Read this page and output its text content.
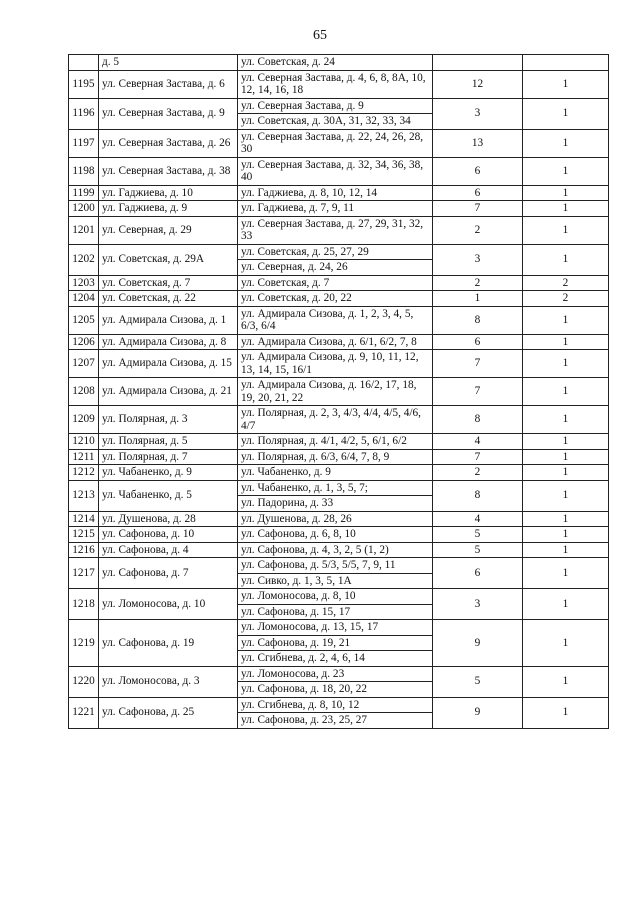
65
	д. 5	ул. Советская, д. 24		
1195	ул. Северная Застава, д. 6	ул. Северная Застава, д. 4, 6, 8, 8А, 10, 12, 14, 16, 18	12	1
1196	ул. Северная Застава, д. 9	ул. Северная Застава, д. 9	3	1
		ул. Советская, д. 30А, 31, 32, 33, 34		
1197	ул. Северная Застава, д. 26	ул. Северная Застава, д. 22, 24, 26, 28, 30	13	1
1198	ул. Северная Застава, д. 38	ул. Северная Застава, д. 32, 34, 36, 38, 40	6	1
1199	ул. Гаджиева, д. 10	ул. Гаджиева, д. 8, 10, 12, 14	6	1
1200	ул. Гаджиева, д. 9	ул. Гаджиева, д. 7, 9, 11	7	1
1201	ул. Северная, д. 29	ул. Северная Застава, д. 27, 29, 31, 32, 33	2	1
1202	ул. Советская, д. 29А	ул. Советская, д. 25, 27, 29	3	1
		ул. Северная, д. 24, 26		
1203	ул. Советская, д. 7	ул. Советская, д. 7	2	2
1204	ул. Советская, д. 22	ул. Советская, д. 20, 22	1	2
1205	ул. Адмирала Сизова, д. 1	ул. Адмирала Сизова, д. 1, 2, 3, 4, 5, 6/3, 6/4	8	1
1206	ул. Адмирала Сизова, д. 8	ул. Адмирала Сизова, д. 6/1, 6/2, 7, 8	6	1
1207	ул. Адмирала Сизова, д. 15	ул. Адмирала Сизова, д. 9, 10, 11, 12, 13, 14, 15, 16/1	7	1
1208	ул. Адмирала Сизова, д. 21	ул. Адмирала Сизова, д. 16/2, 17, 18, 19, 20, 21, 22	7	1
1209	ул. Полярная, д. 3	ул. Полярная, д. 2, 3, 4/3, 4/4, 4/5, 4/6, 4/7	8	1
1210	ул. Полярная, д. 5	ул. Полярная, д. 4/1, 4/2, 5, 6/1, 6/2	4	1
1211	ул. Полярная, д. 7	ул. Полярная, д. 6/3, 6/4, 7, 8, 9	7	1
1212	ул. Чабаненко, д. 9	ул. Чабаненко, д. 9	2	1
1213	ул. Чабаненко, д. 5	ул. Чабаненко, д. 1, 3, 5, 7;	8	1
		ул. Падорина, д. 33		
1214	ул. Душенова, д. 28	ул. Душенова, д. 28, 26	4	1
1215	ул. Сафонова, д. 10	ул. Сафонова, д. 6, 8, 10	5	1
1216	ул. Сафонова, д. 4	ул. Сафонова, д. 4, 3, 2, 5 (1, 2)	5	1
1217	ул. Сафонова, д. 7	ул. Сафонова, д. 5/3, 5/5, 7, 9, 11	6	1
		ул. Сивко, д. 1, 3, 5, 1А		
1218	ул. Ломоносова, д. 10	ул. Ломоносова, д. 8, 10	3	1
		ул. Сафонова, д. 15, 17		
1219	ул. Сафонова, д. 19	ул. Ломоносова, д. 13, 15, 17	9	1
		ул. Сафонова, д. 19, 21		
		ул. Сгибнева, д. 2, 4, 6, 14		
1220	ул. Ломоносова, д. 3	ул. Ломоносова, д. 23	5	1
		ул. Сафонова, д. 18, 20, 22		
1221	ул. Сафонова, д. 25	ул. Сгибнева, д. 8, 10, 12	9	1
		ул. Сафонова, д. 23, 25, 27		
